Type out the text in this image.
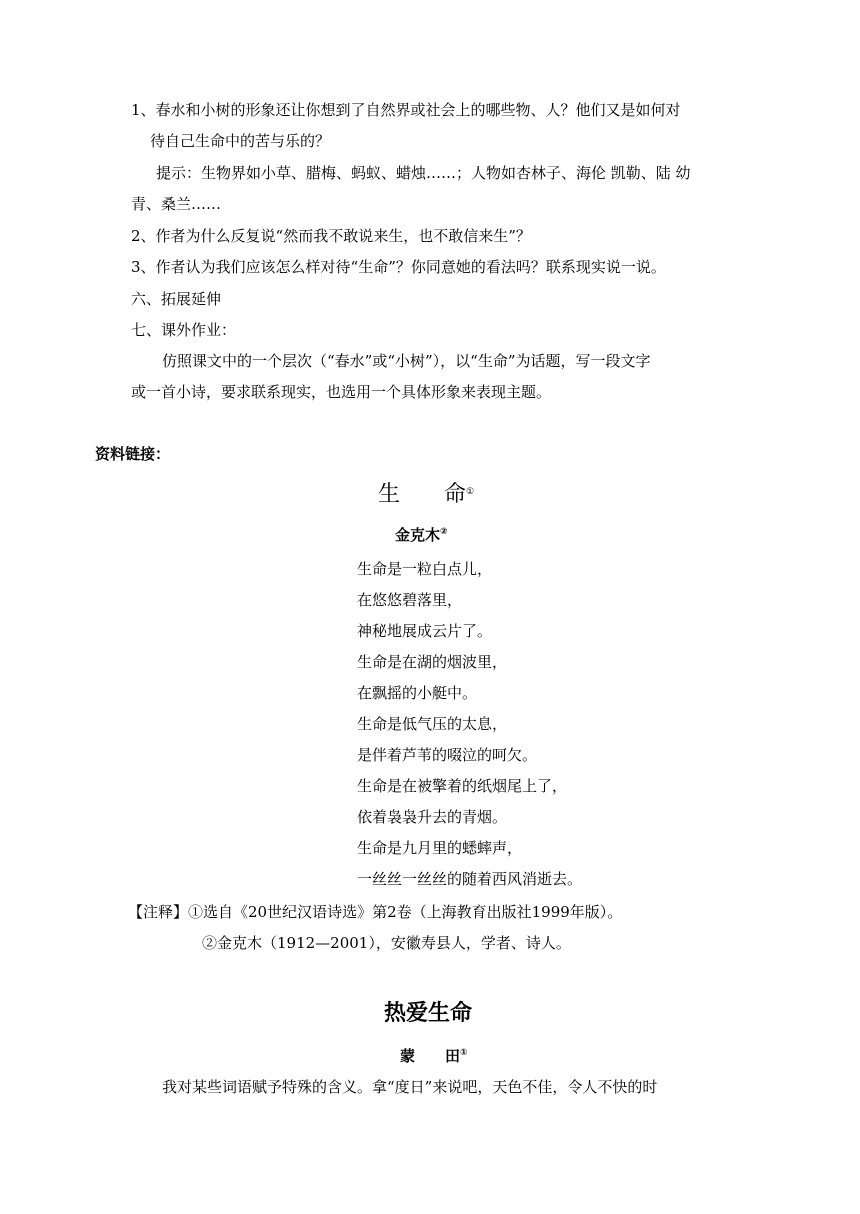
1、春水和小树的形象还让你想到了自然界或社会上的哪些物、人？他们又是如何对
待自己生命中的苦与乐的？
提示：生物界如小草、腊梅、蚂蚁、蜡烛……；人物如杏林子、海伦 凯勒、陆 幼
青、桑兰……
2、作者为什么反复说“然而我不敢说来生，也不敢信来生”？
3、作者认为我们应该怎么样对待“生命”？你同意她的看法吗？联系现实说一说。
六、拓展延伸
七、课外作业：
仿照课文中的一个层次（“春水”或“小树”），以“生命”为话题，写一段文字
或一首小诗，要求联系现实，也选用一个具体形象来表现主题。
资料链接：
生　　命①
金克木②
生命是一粒白点儿，
在悠悠碧落里，
神秘地展成云片了。
生命是在湖的烟波里，
在飘摇的小艇中。
生命是低气压的太息，
是伴着芦苇的啜泣的呵欠。
生命是在被擎着的纸烟尾上了，
依着袅袅升去的青烟。
生命是九月里的蟋蟀声，
一丝丝一丝丝的随着西风消逝去。
【注释】①选自《20世纪汉语诗选》第2卷（上海教育出版社1999年版）。
②金克木（1912—2001），安徽寿县人，学者、诗人。
热爱生命
蒙　　田①
我对某些词语赋予特殊的含义。拿“度日”来说吧，天色不佳，令人不快的时
